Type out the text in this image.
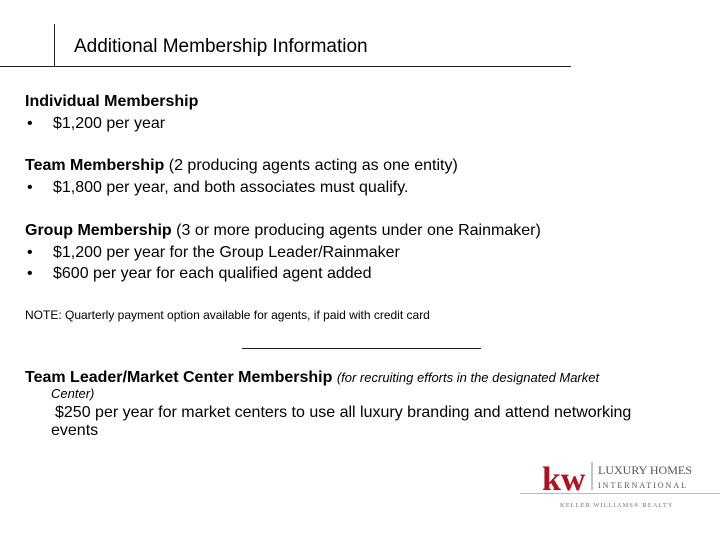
Additional Membership Information
Individual Membership
• $1,200 per year
Team Membership (2 producing agents acting as one entity)
• $1,800 per year, and both associates must qualify.
Group Membership (3 or more producing agents under one Rainmaker)
• $1,200 per year for the Group Leader/Rainmaker
• $600 per year for each qualified agent added
NOTE: Quarterly payment option available for agents, if paid with credit card
Team Leader/Market Center Membership (for recruiting efforts in the designated Market
Center)
$250 per year for market centers to use all luxury branding and attend networking
events
kw LUXURY HOMES
INTERNATIONAL
KELLER WILLIAMS® REALTY
